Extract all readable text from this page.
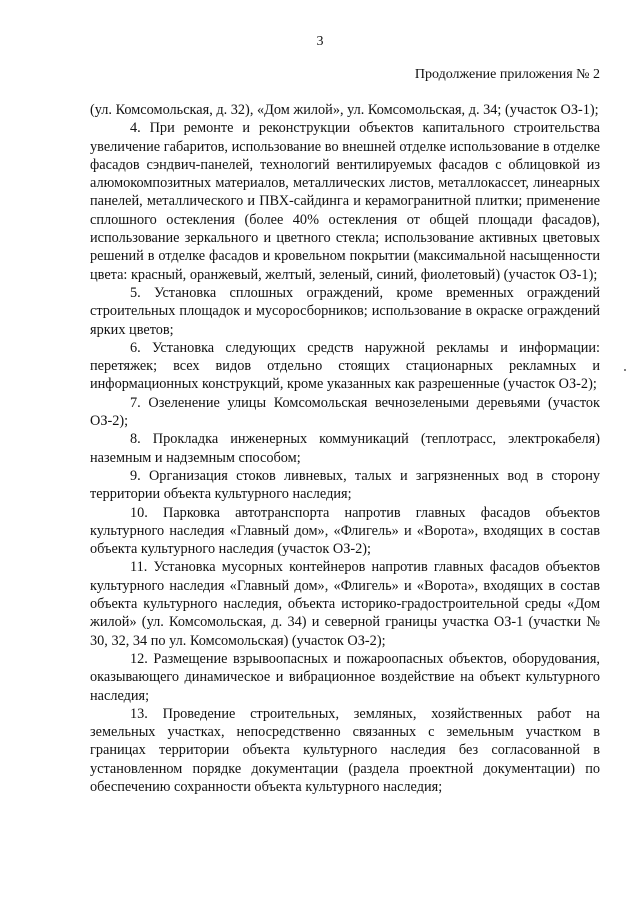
3
Продолжение приложения № 2

(ул. Комсомольская, д. 32), «Дом жилой», ул. Комсомольская, д. 34; (участок ОЗ-1);

4. При ремонте и реконструкции объектов капитального строительства увеличение габаритов, использование во внешней отделке использование в отделке фасадов сэндвич-панелей, технологий вентилируемых фасадов с облицовкой из алюмокомпозитных материалов, металлических листов, металлокассет, линеарных панелей, металлического и ПВХ-сайдинга и керамогранитной плитки; применение сплошного остекления (более 40% остекления от общей площади фасадов), использование зеркального и цветного стекла; использование активных цветовых решений в отделке фасадов и кровельном покрытии (максимальной насыщенности цвета: красный, оранжевый, желтый, зеленый, синий, фиолетовый) (участок ОЗ-1);

5. Установка сплошных ограждений, кроме временных ограждений строительных площадок и мусоросборников; использование в окраске ограждений ярких цветов;

6. Установка следующих средств наружной рекламы и информации: перетяжек; всех видов отдельно стоящих стационарных рекламных и информационных конструкций, кроме указанных как разрешенные (участок ОЗ-2);

7. Озеленение улицы Комсомольская вечнозелеными деревьями (участок ОЗ-2);

8. Прокладка инженерных коммуникаций (теплотрасс, электрокабеля) наземным и надземным способом;

9. Организация стоков ливневых, талых и загрязненных вод в сторону территории объекта культурного наследия;

10. Парковка автотранспорта напротив главных фасадов объектов культурного наследия «Главный дом», «Флигель» и «Ворота», входящих в состав объекта культурного наследия (участок ОЗ-2);

11. Установка мусорных контейнеров напротив главных фасадов объектов культурного наследия «Главный дом», «Флигель» и «Ворота», входящих в состав объекта культурного наследия, объекта историко-градостроительной среды «Дом жилой» (ул. Комсомольская, д. 34) и северной границы участка ОЗ-1 (участки № 30, 32, 34 по ул. Комсомольская) (участок ОЗ-2);

12. Размещение взрывоопасных и пожароопасных объектов, оборудования, оказывающего динамическое и вибрационное воздействие на объект культурного наследия;

13. Проведение строительных, земляных, хозяйственных работ на земельных участках, непосредственно связанных с земельным участком в границах территории объекта культурного наследия без согласованной в установленном порядке документации (раздела проектной документации) по обеспечению сохранности объекта культурного наследия;
